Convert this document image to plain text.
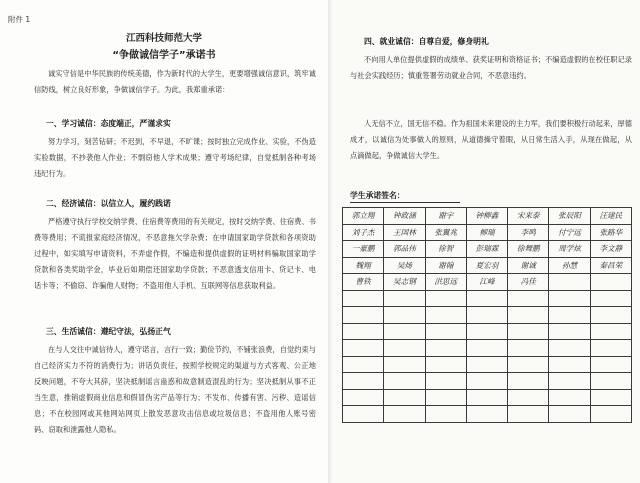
附件 1
江西科技师范大学
“争做诚信学子”承诺书
诚实守信是中华民族的传统美德，作为新时代的大学生，更要增强诚信意识，筑牢诚信防线，树立良好形象，争做诚信学子。为此，我郑重承诺：
一、学习诚信：态度端正，严谨求实
努力学习，刻苦钻研；不迟到，不早退，不旷课；按时独立完成作业、实验，不伪造实验数据，不抄袭他人作业；不剽窃他人学术成果；遵守考场纪律，自觉抵制各种考场违纪行为。
二、经济诚信：以信立人，履约践诺
严格遵守执行学校交纳学费、住宿费等费用的有关规定，按时交纳学费、住宿费、书费等费用；不谎报家庭经济情况，不恶意拖欠学杂费；在申请国家助学贷款和各项资助过程中，如实填写申请资料，不弄虚作假，不编造和提供虚假的证明材料骗取国家助学贷款和各类奖助学金，毕业后如期偿还国家助学贷款；不恶意透支信用卡、贷记卡、电话卡等；不偷窃、诈骗他人财物；不盗用他人手机、互联网等信息获取利益。
三、生活诚信：遵纪守法，弘扬正气
在与人交往中诚信待人，遵守诺言，言行一致；勤俭节约，不铺张浪费，自觉约束与自己经济实力不符的消费行为；讲话负责任，按照学校规定的渠道与方式客观、公正地反映问题，不夸大其辞，坚决抵制谣言蛊惑和故意制造混乱的行为；坚决抵制从事不正当生意，推销虚假商业信息和假冒伪劣产品等行为；不发布、传播有害、污秽、造谣信息；不在校园网或其他网站网页上散发恶意攻击信息或垃圾信息；不盗用他人账号密码、窃取和泄露他人隐私。
四、就业诚信：自尊自爱，修身明礼
不向用人单位提供虚假的成绩单、获奖证明和资格证书；不编造虚假的在校任职记录与社会实践经历；慎重签署劳动就业合同，不恶意违约。
人无信不立，国无信不稳。作为祖国未来建设的主力军，我们要积极行动起来，厚德成才，以诚信为处事做人的原则，从道德操守着眼，从日常生活入手，从现在做起，从点滴做起，争做诚信大学生。
学生承诺签名：
郭立翔	钟政涵	谢宇	钟柳鑫	宋来泰	张辰阳	汪建民
刘子杰	王国林	张翼兆	柳瑞	李鸣	付宁远	张路华
一豪鹏	郭品伟	徐智	彭瑞霖	徐舞鹏	周学炫	李文静
魏翔	吴炀	谢翰	夏宏羽	谢诚	孙慧	秦昌荣
曹铁	吴志钢	洪思远	江峰	冯佳		
